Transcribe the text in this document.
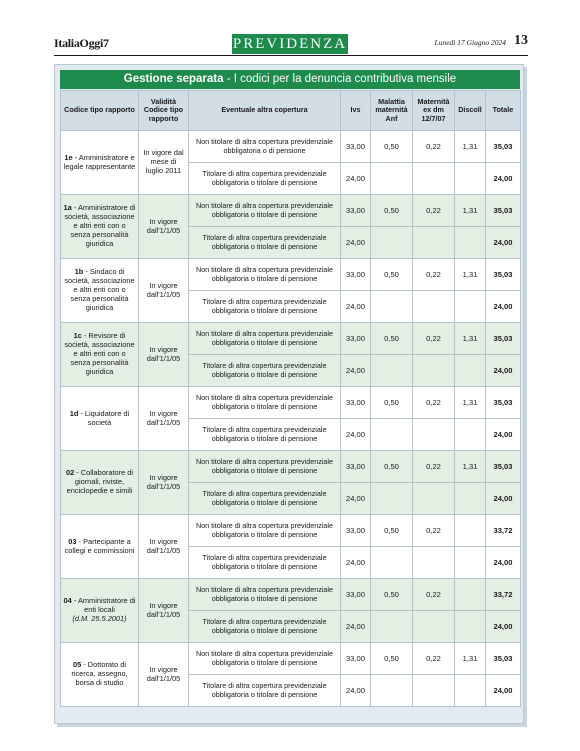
ItaliaOggi7	PREVIDENZA	Lunedì 17 Giugno 2024 13
Gestione separata - I codici per la denuncia contributiva mensile
Codice tipo rapporto	Validità Codice tipo rapporto	Eventuale altra copertura	Ivs	Malattia maternità Anf	Maternità ex dm 12/7/07	Discoll	Totale
1e - Amministratore e legale rappresentante	In vigore dal mese di luglio 2011	Non titolare di altra copertura previdenziale obbligatoria o di pensione	33,00	0,50	0,22	1,31	35,03
		Titolare di altra copertura previdenziale obbligatoria o titolare di pensione	24,00				24,00
1a - Amministratore di società, associazione e altri enti con o senza personalità giuridica	In vigore dall'1/1/05	Non titolare di altra copertura previdenziale obbligatoria o titolare di pensione	33,00	0,50	0,22	1,31	35,03
		Titolare di altra copertura previdenziale obbligatoria o titolare di pensione	24,00				24,00
1b - Sindaco di società, associazione e altri enti con o senza personalità giuridica	In vigore dall'1/1/05	Non titolare di altra copertura previdenziale obbligatoria o titolare di pensione	33,00	0,50	0,22	1,31	35,03
		Titolare di altra copertura previdenziale obbligatoria o titolare di pensione	24,00				24,00
1c - Revisore di società, associazione e altri enti con o senza personalità giuridica	In vigore dall'1/1/05	Non titolare di altra copertura previdenziale obbligatoria o titolare di pensione	33,00	0,50	0,22	1,31	35,03
		Titolare di altra copertura previdenziale obbligatoria o titolare di pensione	24,00				24,00
1d - Liquidatore di società	In vigore dall'1/1/05	Non titolare di altra copertura previdenziale obbligatoria o titolare di pensione	33,00	0,50	0,22	1,31	35,03
		Titolare di altra copertura previdenziale obbligatoria o titolare di pensione	24,00				24,00
02 - Collaboratore di giornali, riviste, enciclopedie e simili	In vigore dall'1/1/05	Non titolare di altra copertura previdenziale obbligatoria o titolare di pensione	33,00	0,50	0,22	1,31	35,03
		Titolare di altra copertura previdenziale obbligatoria o titolare di pensione	24,00				24,00
03 - Partecipante a collegi e commissioni	In vigore dall'1/1/05	Non titolare di altra copertura previdenziale obbligatoria o titolare di pensione	33,00	0,50	0,22		33,72
		Titolare di altra copertura previdenziale obbligatoria o titolare di pensione	24,00				24,00
04 - Amministratore di enti locali
(d.M. 25.5.2001)	In vigore dall'1/1/05	Non titolare di altra copertura previdenziale obbligatoria o titolare di pensione	33,00	0,50	0,22		33,72
		Titolare di altra copertura previdenziale obbligatoria o titolare di pensione	24,00				24,00
05 - Dottorato di ricerca, assegno, borsa di studio	In vigore dall'1/1/05	Non titolare di altra copertura previdenziale obbligatoria o titolare di pensione	33,00	0,50	0,22	1,31	35,03
		Titolare di altra copertura previdenziale obbligatoria o titolare di pensione	24,00				24,00
